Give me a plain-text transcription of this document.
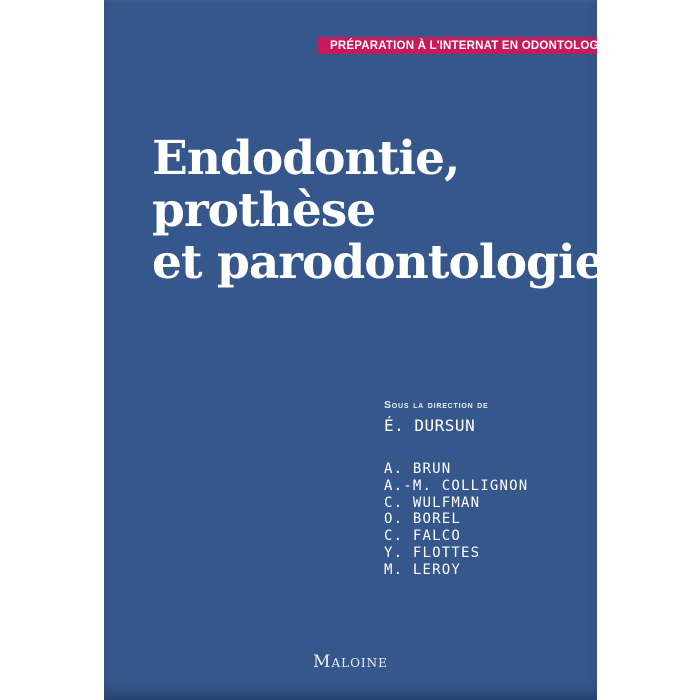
PRÉPARATION À L'INTERNAT EN ODONTOLOGIE
Endodontie,
prothèse
et parodontologie
Sous la direction de
É. DURSUN
A. BRUN
A.-M. COLLIGNON
C. WULFMAN
O. BOREL
C. FALCO
Y. FLOTTES
M. LEROY
Maloine
